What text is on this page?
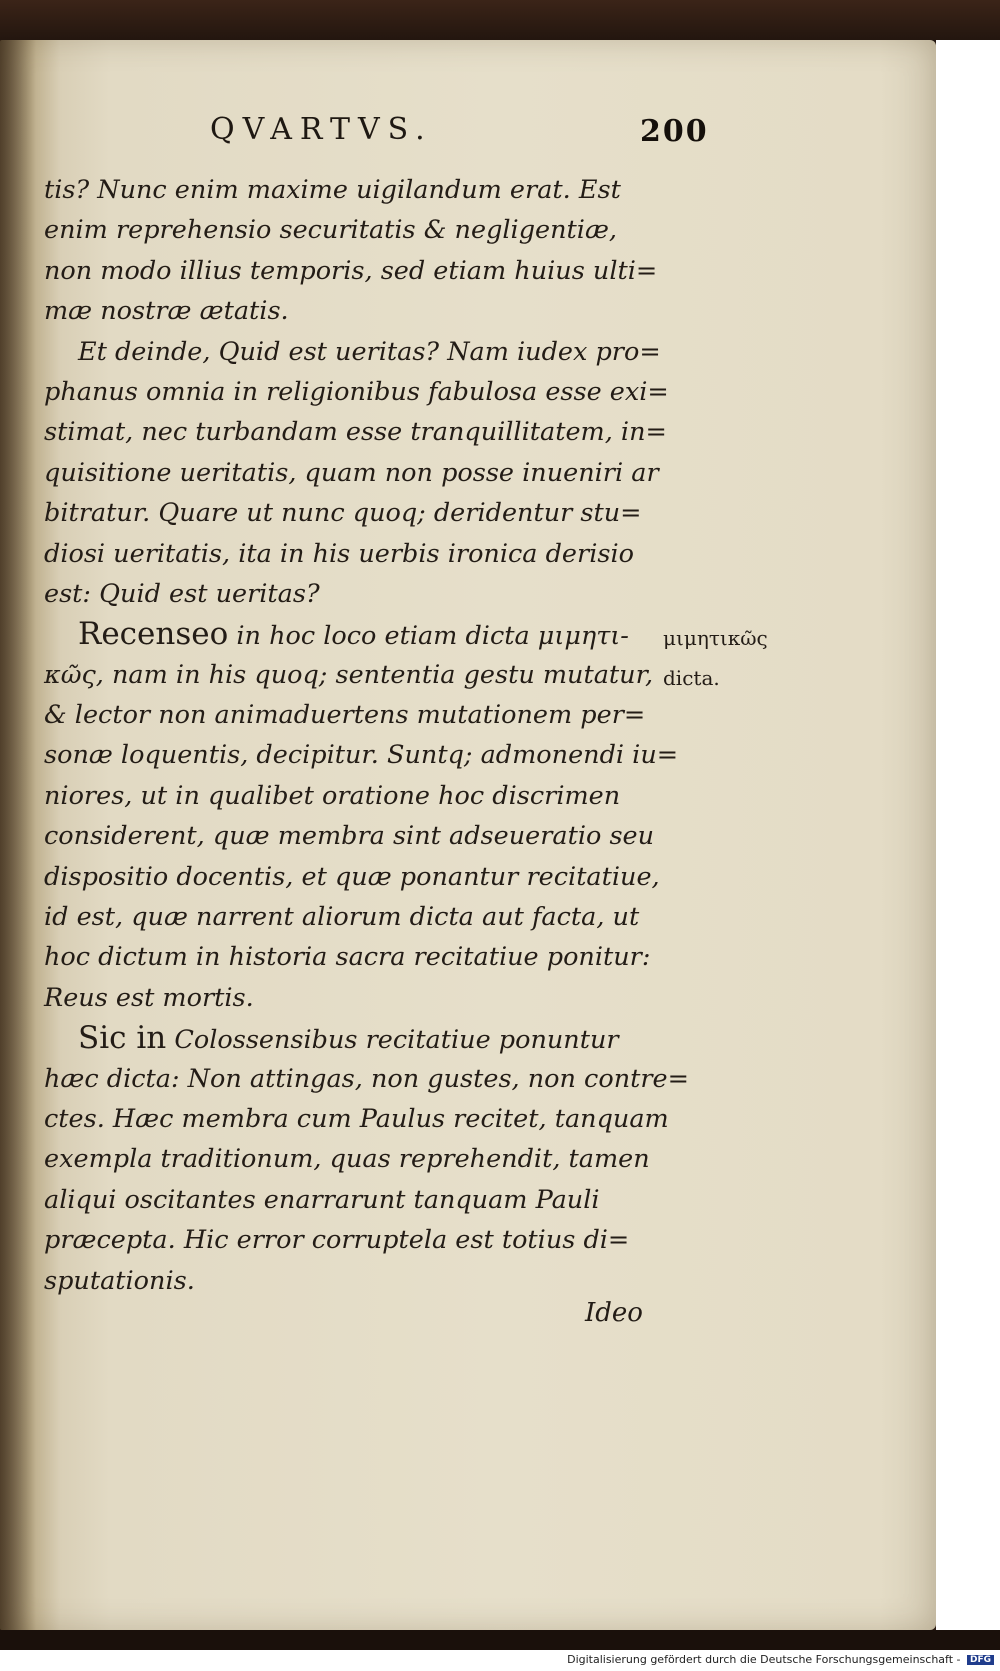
QVARTVS.	200
tis? Nunc enim maxime uigilandum erat. Est
enim reprehensio securitatis & negligentiæ,
non modo illius temporis, sed etiam huius ulti=
mæ nostræ ætatis.
Et deinde, Quid est ueritas? Nam iudex pro=
phanus omnia in religionibus fabulosa esse exi=
stimat, nec turbandam esse tranquillitatem, in=
quisitione ueritatis, quam non posse inueniri ar
bitratur. Quare ut nunc quoq; deridentur stu=
diosi ueritatis, ita in his uerbis ironica derisio
est: Quid est ueritas?
Recenseo in hoc loco etiam dicta μιμητι-
κῶς, nam in his quoq; sententia gestu mutatur,
& lector non animaduertens mutationem per=
sonæ loquentis, decipitur. Suntq; admonendi iu=
niores, ut in qualibet oratione hoc discrimen
considerent, quæ membra sint adseueratio seu
dispositio docentis, et quæ ponantur recitatiue,
id est, quæ narrent aliorum dicta aut facta, ut
hoc dictum in historia sacra recitatiue ponitur:
Reus est mortis.
Sic in Colossensibus recitatiue ponuntur
hæc dicta: Non attingas, non gustes, non contre=
ctes. Hæc membra cum Paulus recitet, tanquam
exempla traditionum, quas reprehendit, tamen
aliqui oscitantes enarrarunt tanquam Pauli
præcepta. Hic error corruptela est totius di=
sputationis.
μιμητικῶς
dicta.
Ideo
Digitalisierung gefördert durch die Deutsche Forschungsgemeinschaft - DFG
